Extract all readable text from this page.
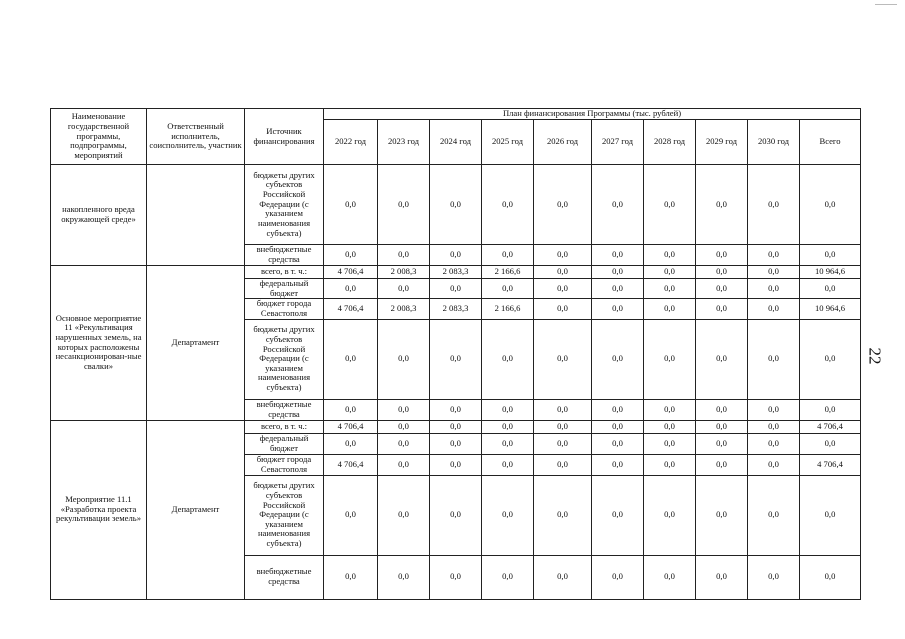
22
Наименование государственной программы, подпрограммы, мероприятий	Ответственный исполнитель, соисполнитель, участник	Источник финансирования	План финансирования Программы (тыс. рублей)									
			2022 год	2023 год	2024 год	2025 год	2026 год	2027 год	2028 год	2029 год	2030 год	Всего
накопленного вреда окружающей среде»		бюджеты других субъектов Российской Федерации (с указанием наименования субъекта)	0,0	0,0	0,0	0,0	0,0	0,0	0,0	0,0	0,0	0,0
		внебюджетные средства	0,0	0,0	0,0	0,0	0,0	0,0	0,0	0,0	0,0	0,0
Основное мероприятие 11 «Рекультивация нарушенных земель, на которых расположены несанкционирован-ные свалки»	Департамент	всего, в т. ч.:	4 706,4	2 008,3	2 083,3	2 166,6	0,0	0,0	0,0	0,0	0,0	10 964,6
		федеральный бюджет	0,0	0,0	0,0	0,0	0,0	0,0	0,0	0,0	0,0	0,0
		бюджет города Севастополя	4 706,4	2 008,3	2 083,3	2 166,6	0,0	0,0	0,0	0,0	0,0	10 964,6
		бюджеты других субъектов Российской Федерации (с указанием наименования субъекта)	0,0	0,0	0,0	0,0	0,0	0,0	0,0	0,0	0,0	0,0
		внебюджетные средства	0,0	0,0	0,0	0,0	0,0	0,0	0,0	0,0	0,0	0,0
Мероприятие 11.1 «Разработка проекта рекультивации земель»	Департамент	всего, в т. ч.:	4 706,4	0,0	0,0	0,0	0,0	0,0	0,0	0,0	0,0	4 706,4
		федеральный бюджет	0,0	0,0	0,0	0,0	0,0	0,0	0,0	0,0	0,0	0,0
		бюджет города Севастополя	4 706,4	0,0	0,0	0,0	0,0	0,0	0,0	0,0	0,0	4 706,4
		бюджеты других субъектов Российской Федерации (с указанием наименования субъекта)	0,0	0,0	0,0	0,0	0,0	0,0	0,0	0,0	0,0	0,0
		внебюджетные средства	0,0	0,0	0,0	0,0	0,0	0,0	0,0	0,0	0,0	0,0
